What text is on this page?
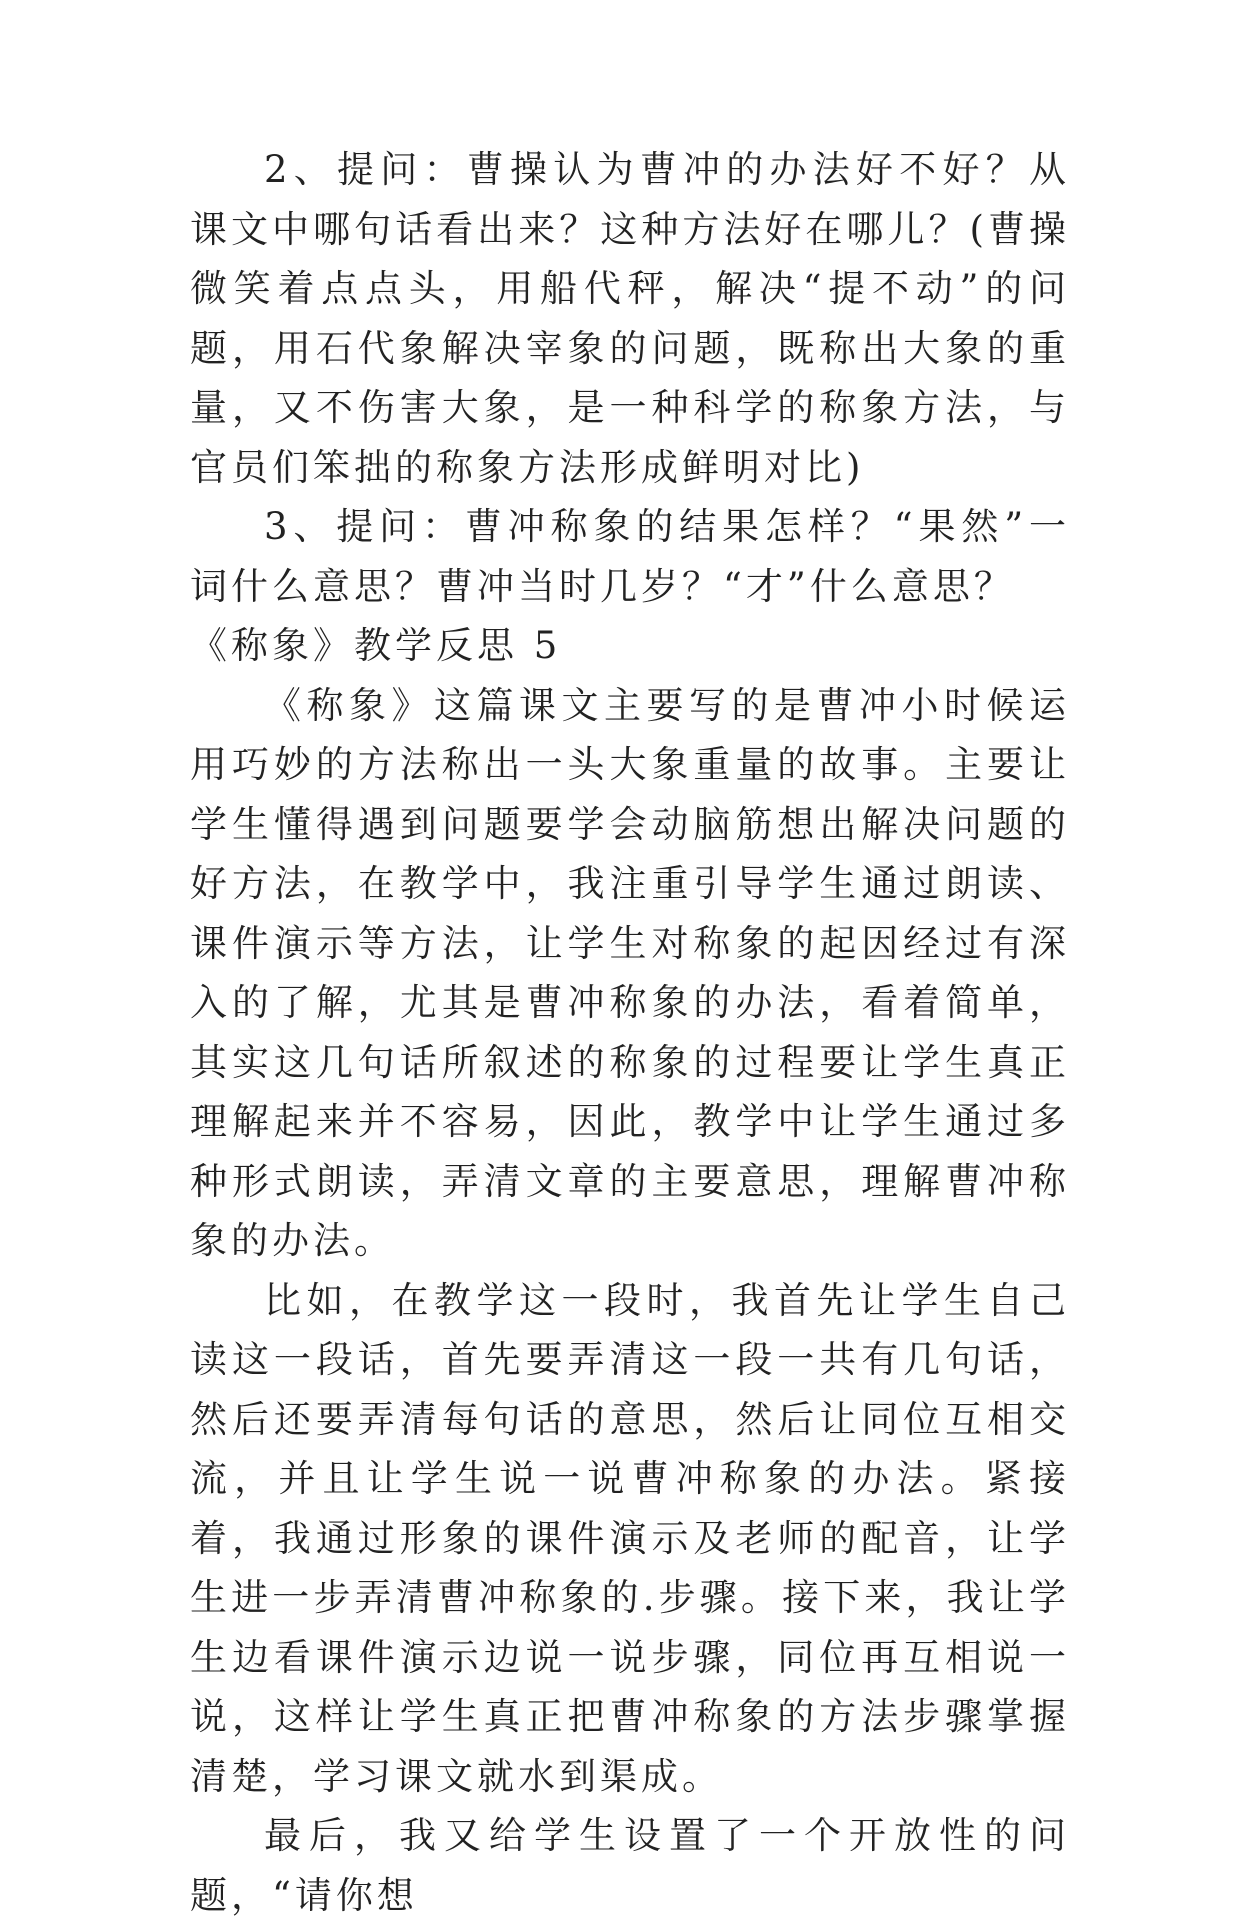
2、提问：曹操认为曹冲的办法好不好？从课文中哪句话看出来？这种方法好在哪儿？(曹操微笑着点点头，用船代秤，解决“提不动”的问题，用石代象解决宰象的问题，既称出大象的重量，又不伤害大象，是一种科学的称象方法，与官员们笨拙的称象方法形成鲜明对比)

3、提问：曹冲称象的结果怎样？“果然”一词什么意思？曹冲当时几岁？“才”什么意思？

《称象》教学反思 5

《称象》这篇课文主要写的是曹冲小时候运用巧妙的方法称出一头大象重量的故事。主要让学生懂得遇到问题要学会动脑筋想出解决问题的好方法，在教学中，我注重引导学生通过朗读、课件演示等方法，让学生对称象的起因经过有深入的了解，尤其是曹冲称象的办法，看着简单，其实这几句话所叙述的称象的过程要让学生真正理解起来并不容易，因此，教学中让学生通过多种形式朗读，弄清文章的主要意思，理解曹冲称象的办法。

比如，在教学这一段时，我首先让学生自己读这一段话，首先要弄清这一段一共有几句话，然后还要弄清每句话的意思，然后让同位互相交流，并且让学生说一说曹冲称象的办法。紧接着，我通过形象的课件演示及老师的配音，让学生进一步弄清曹冲称象的.步骤。接下来，我让学生边看课件演示边说一说步骤，同位再互相说一说，这样让学生真正把曹冲称象的方法步骤掌握清楚，学习课文就水到渠成。

最后，我又给学生设置了一个开放性的问题，“请你想
